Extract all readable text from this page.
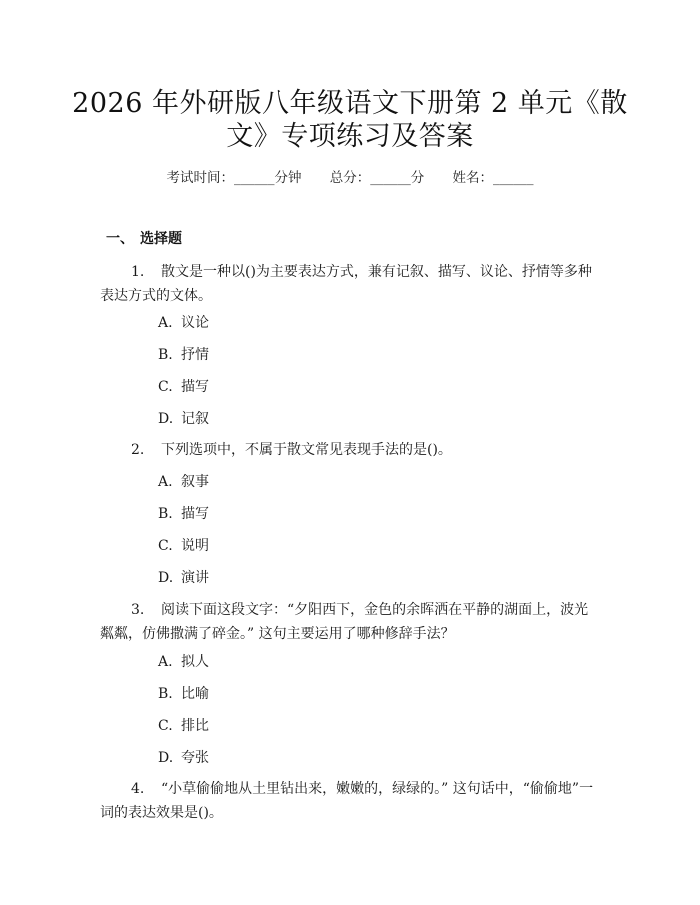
2026 年外研版八年级语文下册第 2 单元《散
文》专项练习及答案
考试时间：______分钟 总分：______分 姓名：______
一、 选择题
1. 散文是一种以()为主要表达方式，兼有记叙、描写、议论、抒情等多种表达方式的文体。
A. 议论
B. 抒情
C. 描写
D. 记叙
2. 下列选项中，不属于散文常见表现手法的是()。
A. 叙事
B. 描写
C. 说明
D. 演讲
3. 阅读下面这段文字：“夕阳西下，金色的余晖洒在平静的湖面上，波光粼粼，仿佛撒满了碎金。” 这句主要运用了哪种修辞手法？
A. 拟人
B. 比喻
C. 排比
D. 夸张
4. “小草偷偷地从土里钻出来，嫩嫩的，绿绿的。” 这句话中，“偷偷地”一词的表达效果是()。
